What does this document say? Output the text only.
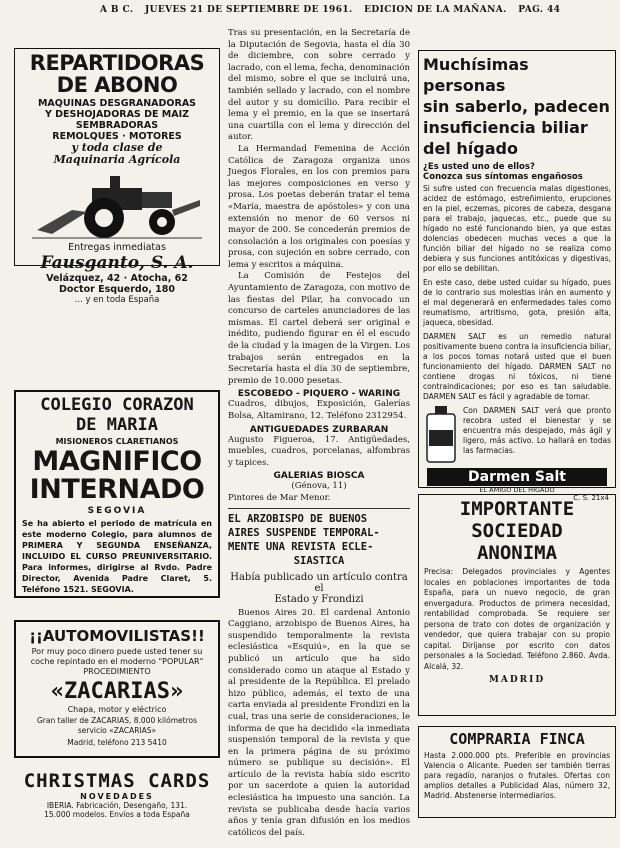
A B C. JUEVES 21 DE SEPTIEMBRE DE 1961. EDICION DE LA MAÑANA. PAG. 44
REPARTIDORAS
DE ABONO
MAQUINAS DESGRANADORAS
Y DESHOJADORAS DE MAIZ
SEMBRADORAS
REMOLQUES · MOTORES
y toda clase de
Maquinaria Agrícola
Entregas inmediatas
Fausganto, S. A.
Velázquez, 42 · Atocha, 62
Doctor Esquerdo, 180
... y en toda España
COLEGIO CORAZON
DE MARIA
MISIONEROS CLARETIANOS
MAGNIFICO
INTERNADO
SEGOVIA
Se ha abierto el periodo de matrícula en este moderno Colegio, para alumnos de PRIMERA Y SEGUNDA ENSEÑANZA, INCLUIDO EL CURSO PREUNIVERSITARIO. Para informes, dirigirse al Rvdo. Padre Director, Avenida Padre Claret, 5. Teléfono 1521. SEGOVIA.
¡¡AUTOMOVILISTAS!!
Por muy poco dinero puede usted tener su coche repintado en el moderno "POPULAR" PROCEDIMIENTO
«ZACARIAS»
Chapa, motor y eléctrico
Gran taller de ZACARIAS, 8.000 kilómetros servicio «ZACARIAS»
Madrid, teléfono 213 5410
CHRISTMAS CARDS
NOVEDADES
IBERIA. Fabricación, Desengaño, 131.
15.000 modelos. Envíos a toda España
Tras su presentación, en la Secretaría de la Diputación de Segovia, hasta el día 30 de diciembre, con sobre cerrado y lacrado, con el lema, fecha, denominación del mismo, sobre el que se incluirá una, también sellado y lacrado, con el nombre del autor y su domicilio. Para recibir el lema y el premio, en la que se insertará una cuartilla con el lema y dirección del autor.
La Hermandad Femenina de Acción Católica de Zaragoza organiza unos Juegos Florales, en los con premios para las mejores composiciones en verso y prosa. Los poetas deberán tratar el tema «María, maestra de apóstoles» y con una extensión no menor de 60 versos ni mayor de 200. Se concederán premios de consolación a los originales con poesías y prosa, con sujeción en sobre cerrado, con lema y escritos a máquina.
La Comisión de Festejos del Ayuntamiento de Zaragoza, con motivo de las fiestas del Pilar, ha convocado un concurso de carteles anunciadores de las mismas. El cartel deberá ser original e inédito, pudiendo figurar en él el escudo de la ciudad y la imagen de la Virgen. Los trabajos serán entregados en la Secretaría hasta el día 30 de septiembre, premio de 10.000 pesetas.
ESCOBEDO - PIQUERO - WARING
Cuadros, dibujos, Exposición, Galerías Bolsa, Altamirano, 12. Teléfono 2312954.
ANTIGUEDADES ZURBARAN
Augusto Figueroa, 17. Antigüedades, muebles, cuadros, porcelanas, alfombras y tapices.
GALERIAS BIOSCA
(Génova, 11)
Pintores de Mar Menor.
EL ARZOBISPO DE BUENOS
AIRES SUSPENDE TEMPORAL-
MENTE UNA REVISTA ECLE-
SIASTICA
Había publicado un artículo contra el
Estado y Frondizi
Buenos Aires 20. El cardenal Antonio Caggiano, arzobispo de Buenos Aires, ha suspendido temporalmente la revista eclesiástica «Esquiú», en la que se publicó un artículo que ha sido considerado como un ataque al Estado y al presidente de la República. El prelado hizo público, además, el texto de una carta enviada al presidente Frondizi en la cual, tras una serie de consideraciones, le informa de que ha decidido «la inmediata suspensión temporal de la revista y que en la primera página de su próximo número se publique su decisión». El artículo de la revista había sido escrito por un sacerdote a quien la autoridad eclesiástica ha impuesto una sanción. La revista se publicaba desde hacía varios años y tenía gran difusión en los medios católicos del país.
Muchísimas personas
sin saberlo, padecen
insuficiencia biliar
del hígado
¿Es usted uno de ellos?
Conozca sus síntomas engañosos
Si sufre usted con frecuencia malas digestiones, acidez de estómago, estreñimiento, erupciones en la piel, eczemas, picores de cabeza, desgana para el trabajo, jaquecas, etc., puede que su hígado no esté funcionando bien, ya que estas dolencias obedecen muchas veces a que la función biliar del hígado no se realiza como debiera y sus funciones antitóxicas y digestivas, por ello se debilitan.
En este caso, debe usted cuidar su hígado, pues de lo contrario sus molestias irán en aumento y el mal degenerará en enfermedades tales como reumatismo, artritismo, gota, presión alta, jaqueca, obesidad.
DARMEN SALT es un remedio natural positivamente bueno contra la insuficiencia biliar, a los pocos tomas notará usted que el buen funcionamiento del hígado. DARMEN SALT no contiene drogas ni tóxicos, ni tiene contraindicaciones; por eso es tan saludable. DARMEN SALT es fácil y agradable de tomar.
Con DARMEN SALT verá que pronto recobra usted el bienestar y se encuentra más despejado, más ágil y ligero, más activo. Lo hallará en todas las farmacias.
Darmen Salt
EL AMIGO DEL HIGADO
C. S. 21x4
IMPORTANTE
SOCIEDAD
ANONIMA
Precisa: Delegados provinciales y Agentes locales en poblaciones importantes de toda España, para un nuevo negocio, de gran envergadura. Productos de primera necesidad, rentabilidad comprobada. Se requiere ser persona de trato con dotes de organización y vendedor, que quiera trabajar con su propio capital. Diríjanse por escrito con datos personales a la Sociedad. Teléfono 2.860. Avda. Alcalá, 32.
MADRID
COMPRARIA FINCA
Hasta 2.000.000 pts. Preferible en provincias Valencia o Alicante. Pueden ser también tierras para regadío, naranjos o frutales. Ofertas con amplios detalles a Publicidad Alas, número 32, Madrid. Abstenerse intermediarios.
